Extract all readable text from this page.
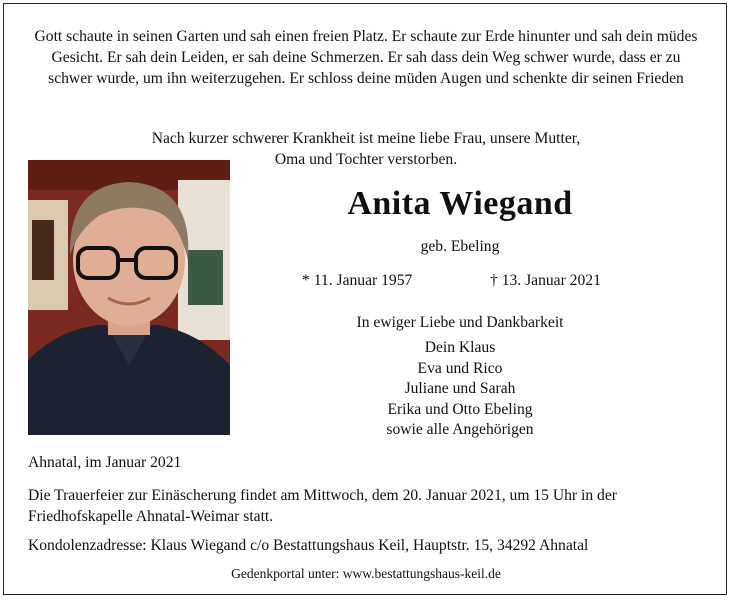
Gott schaute in seinen Garten und sah einen freien Platz. Er schaute zur Erde hinunter und sah dein müdes Gesicht. Er sah dein Leiden, er sah deine Schmerzen. Er sah dass dein Weg schwer wurde, dass er zu schwer wurde, um ihn weiterzugehen. Er schloss deine müden Augen und schenkte dir seinen Frieden
Nach kurzer schwerer Krankheit ist meine liebe Frau, unsere Mutter,
Oma und Tochter verstorben.
Anita Wiegand
geb. Ebeling
* 11. Januar 1957	† 13. Januar 2021
In ewiger Liebe und Dankbarkeit
Dein Klaus
Eva und Rico
Juliane und Sarah
Erika und Otto Ebeling
sowie alle Angehörigen
Ahnatal, im Januar 2021
Die Trauerfeier zur Einäscherung findet am Mittwoch, dem 20. Januar 2021, um 15 Uhr in der Friedhofskapelle Ahnatal-Weimar statt.
Kondolenzadresse: Klaus Wiegand c/o Bestattungshaus Keil, Hauptstr. 15, 34292 Ahnatal
Gedenkportal unter: www.bestattungshaus-keil.de
